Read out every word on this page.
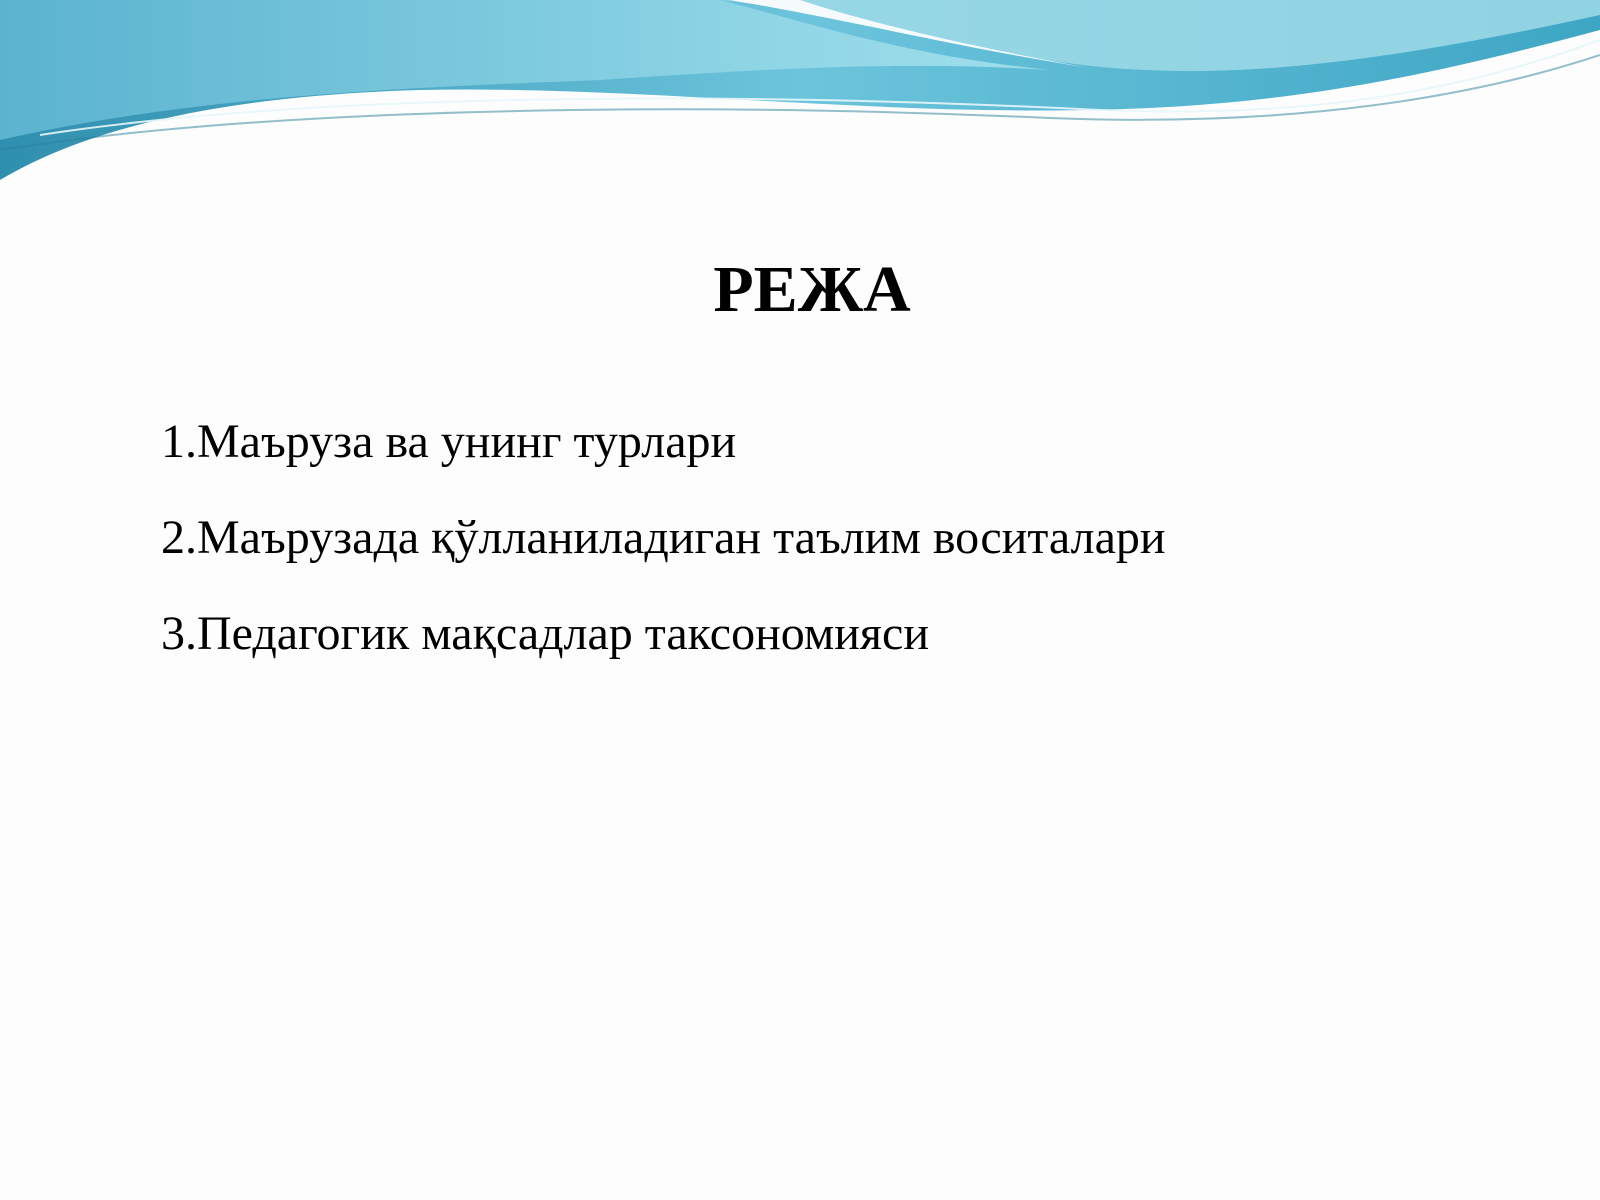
РЕЖА
1.Маъруза ва унинг турлари
2.Маърузада қўлланиладиган таълим воситалари
3.Педагогик мақсадлар таксономияси
